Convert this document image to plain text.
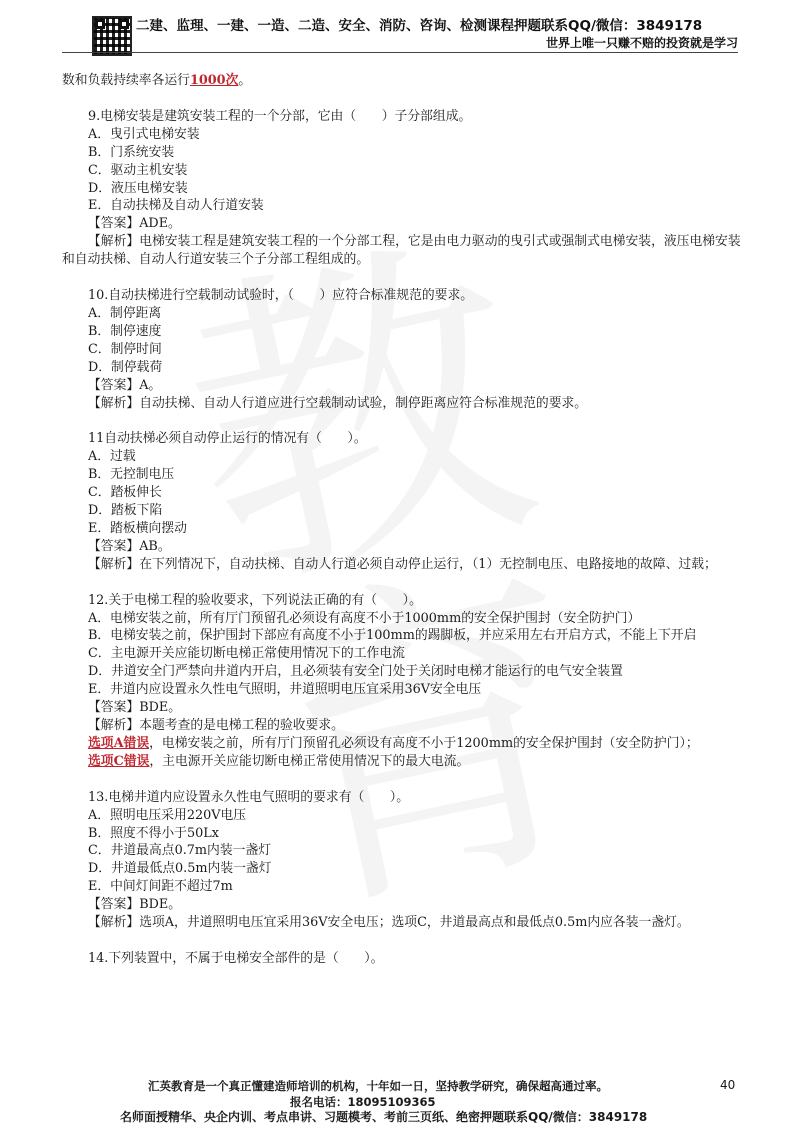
二建、监理、一建、一造、二造、安全、消防、咨询、检测课程押题联系QQ/微信：3849178
世界上唯一只赚不赔的投资就是学习

数和负载持续率各运行1000次。

9.电梯安装是建筑安装工程的一个分部，它由（　　）子分部组成。

A．曳引式电梯安装

B．门系统安装

C．驱动主机安装

D．液压电梯安装

E．自动扶梯及自动人行道安装

【答案】ADE。

【解析】电梯安装工程是建筑安装工程的一个分部工程，它是由电力驱动的曳引式或强制式电梯安装，液压电梯安装和自动扶梯、自动人行道安装三个子分部工程组成的。

10.自动扶梯进行空载制动试验时，（　　）应符合标准规范的要求。

A．制停距离

B．制停速度

C．制停时间

D．制停载荷

【答案】A。

【解析】自动扶梯、自动人行道应进行空载制动试验，制停距离应符合标准规范的要求。

11自动扶梯必须自动停止运行的情况有（　　）。

A．过载

B．无控制电压

C．踏板伸长

D．踏板下陷

E．踏板横向摆动

【答案】AB。

【解析】在下列情况下，自动扶梯、自动人行道必须自动停止运行，（1）无控制电压、电路接地的故障、过载；

12.关于电梯工程的验收要求，下列说法正确的有（　　）。

A．电梯安装之前，所有厅门预留孔必须设有高度不小于1000mm的安全保护围封（安全防护门）

B．电梯安装之前，保护围封下部应有高度不小于100mm的踢脚板，并应采用左右开启方式，不能上下开启

C．主电源开关应能切断电梯正常使用情况下的工作电流

D．井道安全门严禁向井道内开启，且必须装有安全门处于关闭时电梯才能运行的电气安全装置

E．井道内应设置永久性电气照明，井道照明电压宜采用36V安全电压

【答案】BDE。

【解析】本题考查的是电梯工程的验收要求。

选项A错误，电梯安装之前，所有厅门预留孔必须设有高度不小于1200mm的安全保护围封（安全防护门）；

选项C错误，主电源开关应能切断电梯正常使用情况下的最大电流。

13.电梯井道内应设置永久性电气照明的要求有（　　）。

A．照明电压采用220V电压

B．照度不得小于50Lx

C．井道最高点0.7m内装一盏灯

D．井道最低点0.5m内装一盏灯

E．中间灯间距不超过7m

【答案】BDE。

【解析】选项A，井道照明电压宜采用36V安全电压；选项C，井道最高点和最低点0.5m内应各装一盏灯。

14.下列装置中，不属于电梯安全部件的是（　　）。

汇英教育是一个真正懂建造师培训的机构，十年如一日，坚持教学研究，确保超高通过率。	40
报名电话：18095109365
名师面授精华、央企内训、考点串讲、习题模考、考前三页纸、绝密押题联系QQ/微信：3849178
